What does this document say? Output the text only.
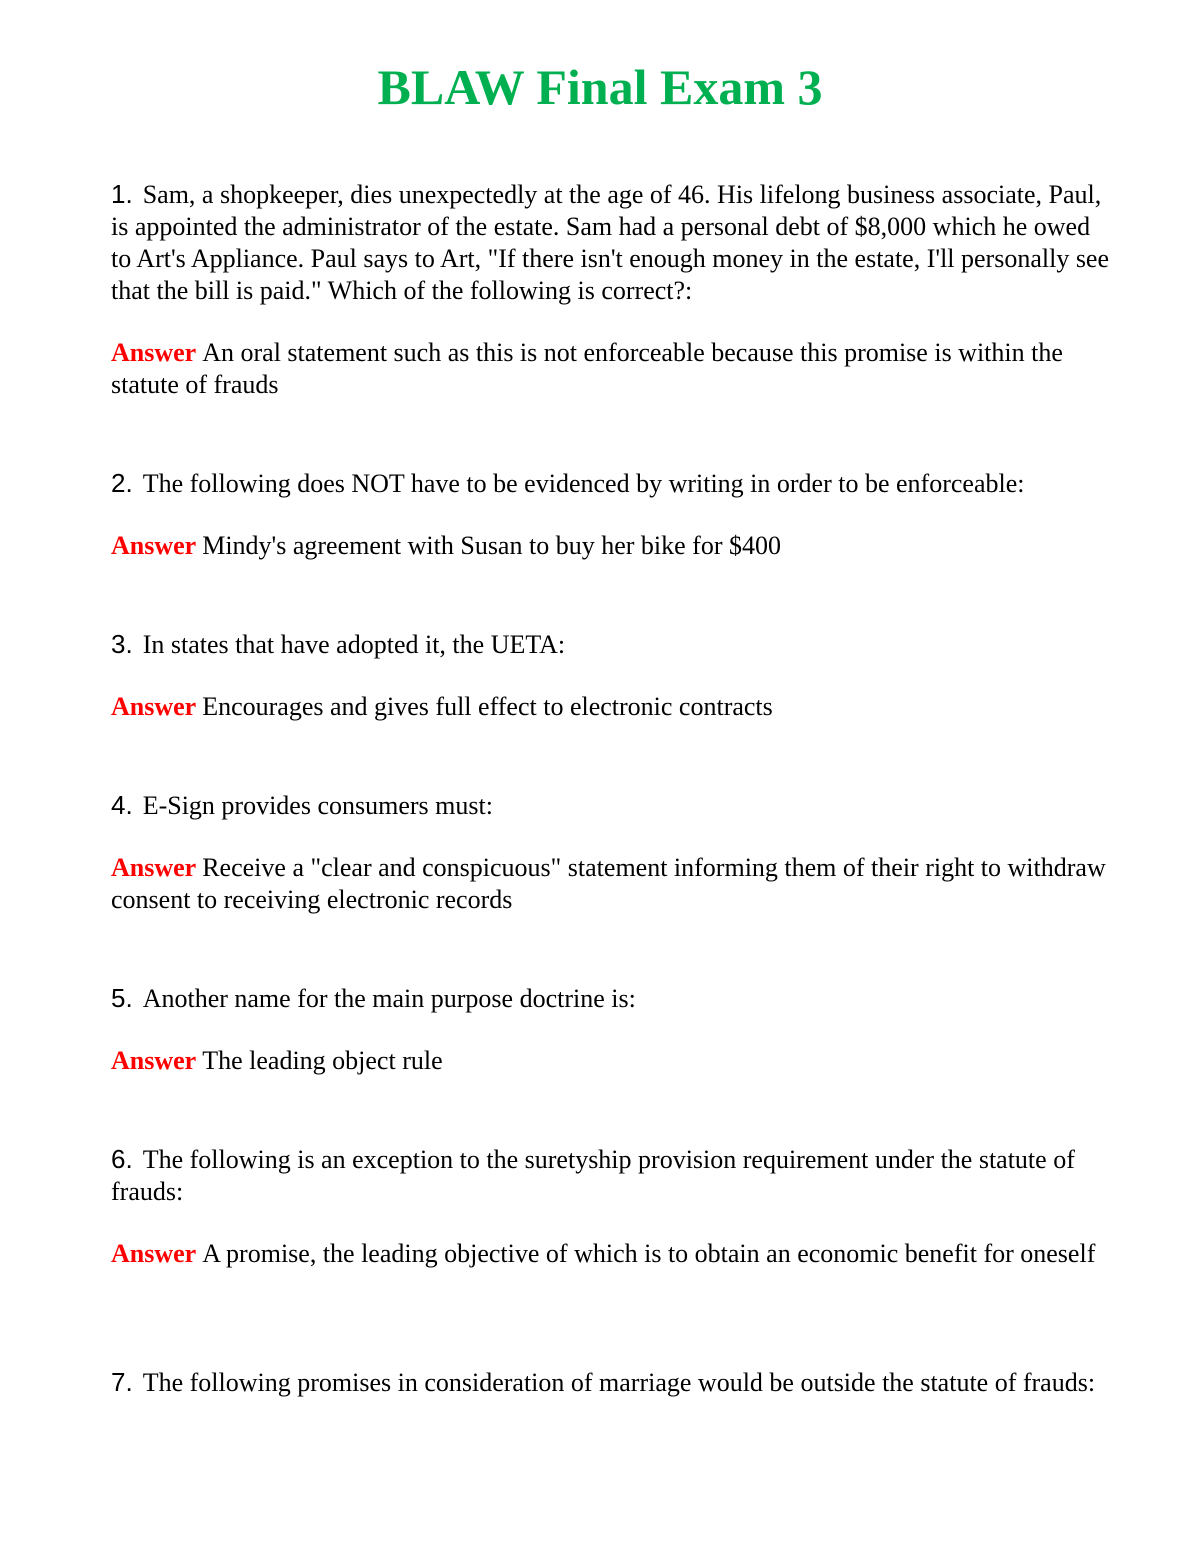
BLAW Final Exam 3

1. Sam, a shopkeeper, dies unexpectedly at the age of 46. His lifelong business associate, Paul, is appointed the administrator of the estate. Sam had a personal debt of $8,000 which he owed to Art's Appliance. Paul says to Art, "If there isn't enough money in the estate, I'll personally see that the bill is paid." Which of the following is correct?:

Answer An oral statement such as this is not enforceable because this promise is within the statute of frauds

2. The following does NOT have to be evidenced by writing in order to be enforceable:

Answer Mindy's agreement with Susan to buy her bike for $400

3. In states that have adopted it, the UETA:

Answer Encourages and gives full effect to electronic contracts

4. E-Sign provides consumers must:

Answer Receive a "clear and conspicuous" statement informing them of their right to withdraw consent to receiving electronic records

5. Another name for the main purpose doctrine is:

Answer The leading object rule

6. The following is an exception to the suretyship provision requirement under the statute of frauds:

Answer A promise, the leading objective of which is to obtain an economic benefit for oneself

7. The following promises in consideration of marriage would be outside the statute of frauds:
